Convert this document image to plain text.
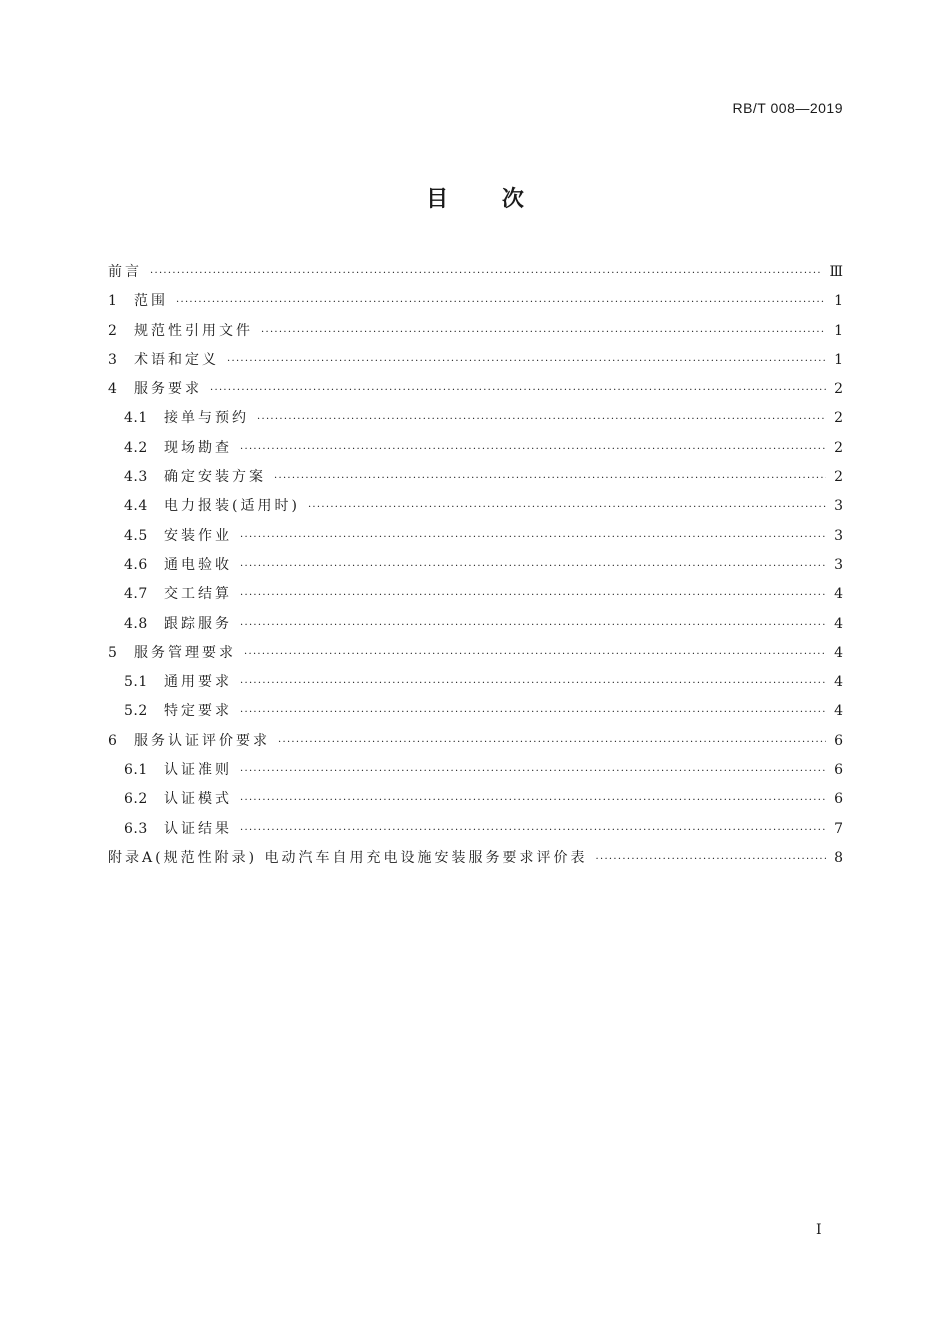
RB/T 008—2019
目 次
前言 ·····	Ⅲ
1	范围 ·····	1
2	规范性引用文件 ·····	1
3	术语和定义 ·····	1
4	服务要求 ·····	2
4.1	接单与预约 ·····	2
4.2	现场勘查 ·····	2
4.3	确定安装方案 ·····	2
4.4	电力报装(适用时) ·····	3
4.5	安装作业 ·····	3
4.6	通电验收 ·····	3
4.7	交工结算 ·····	4
4.8	跟踪服务 ·····	4
5	服务管理要求 ·····	4
5.1	通用要求 ·····	4
5.2	特定要求 ·····	4
6	服务认证评价要求 ·····	6
6.1	认证准则 ·····	6
6.2	认证模式 ·····	6
6.3	认证结果 ·····	7
附录A(规范性附录) 电动汽车自用充电设施安装服务要求评价表 ·····	8
Ⅰ
